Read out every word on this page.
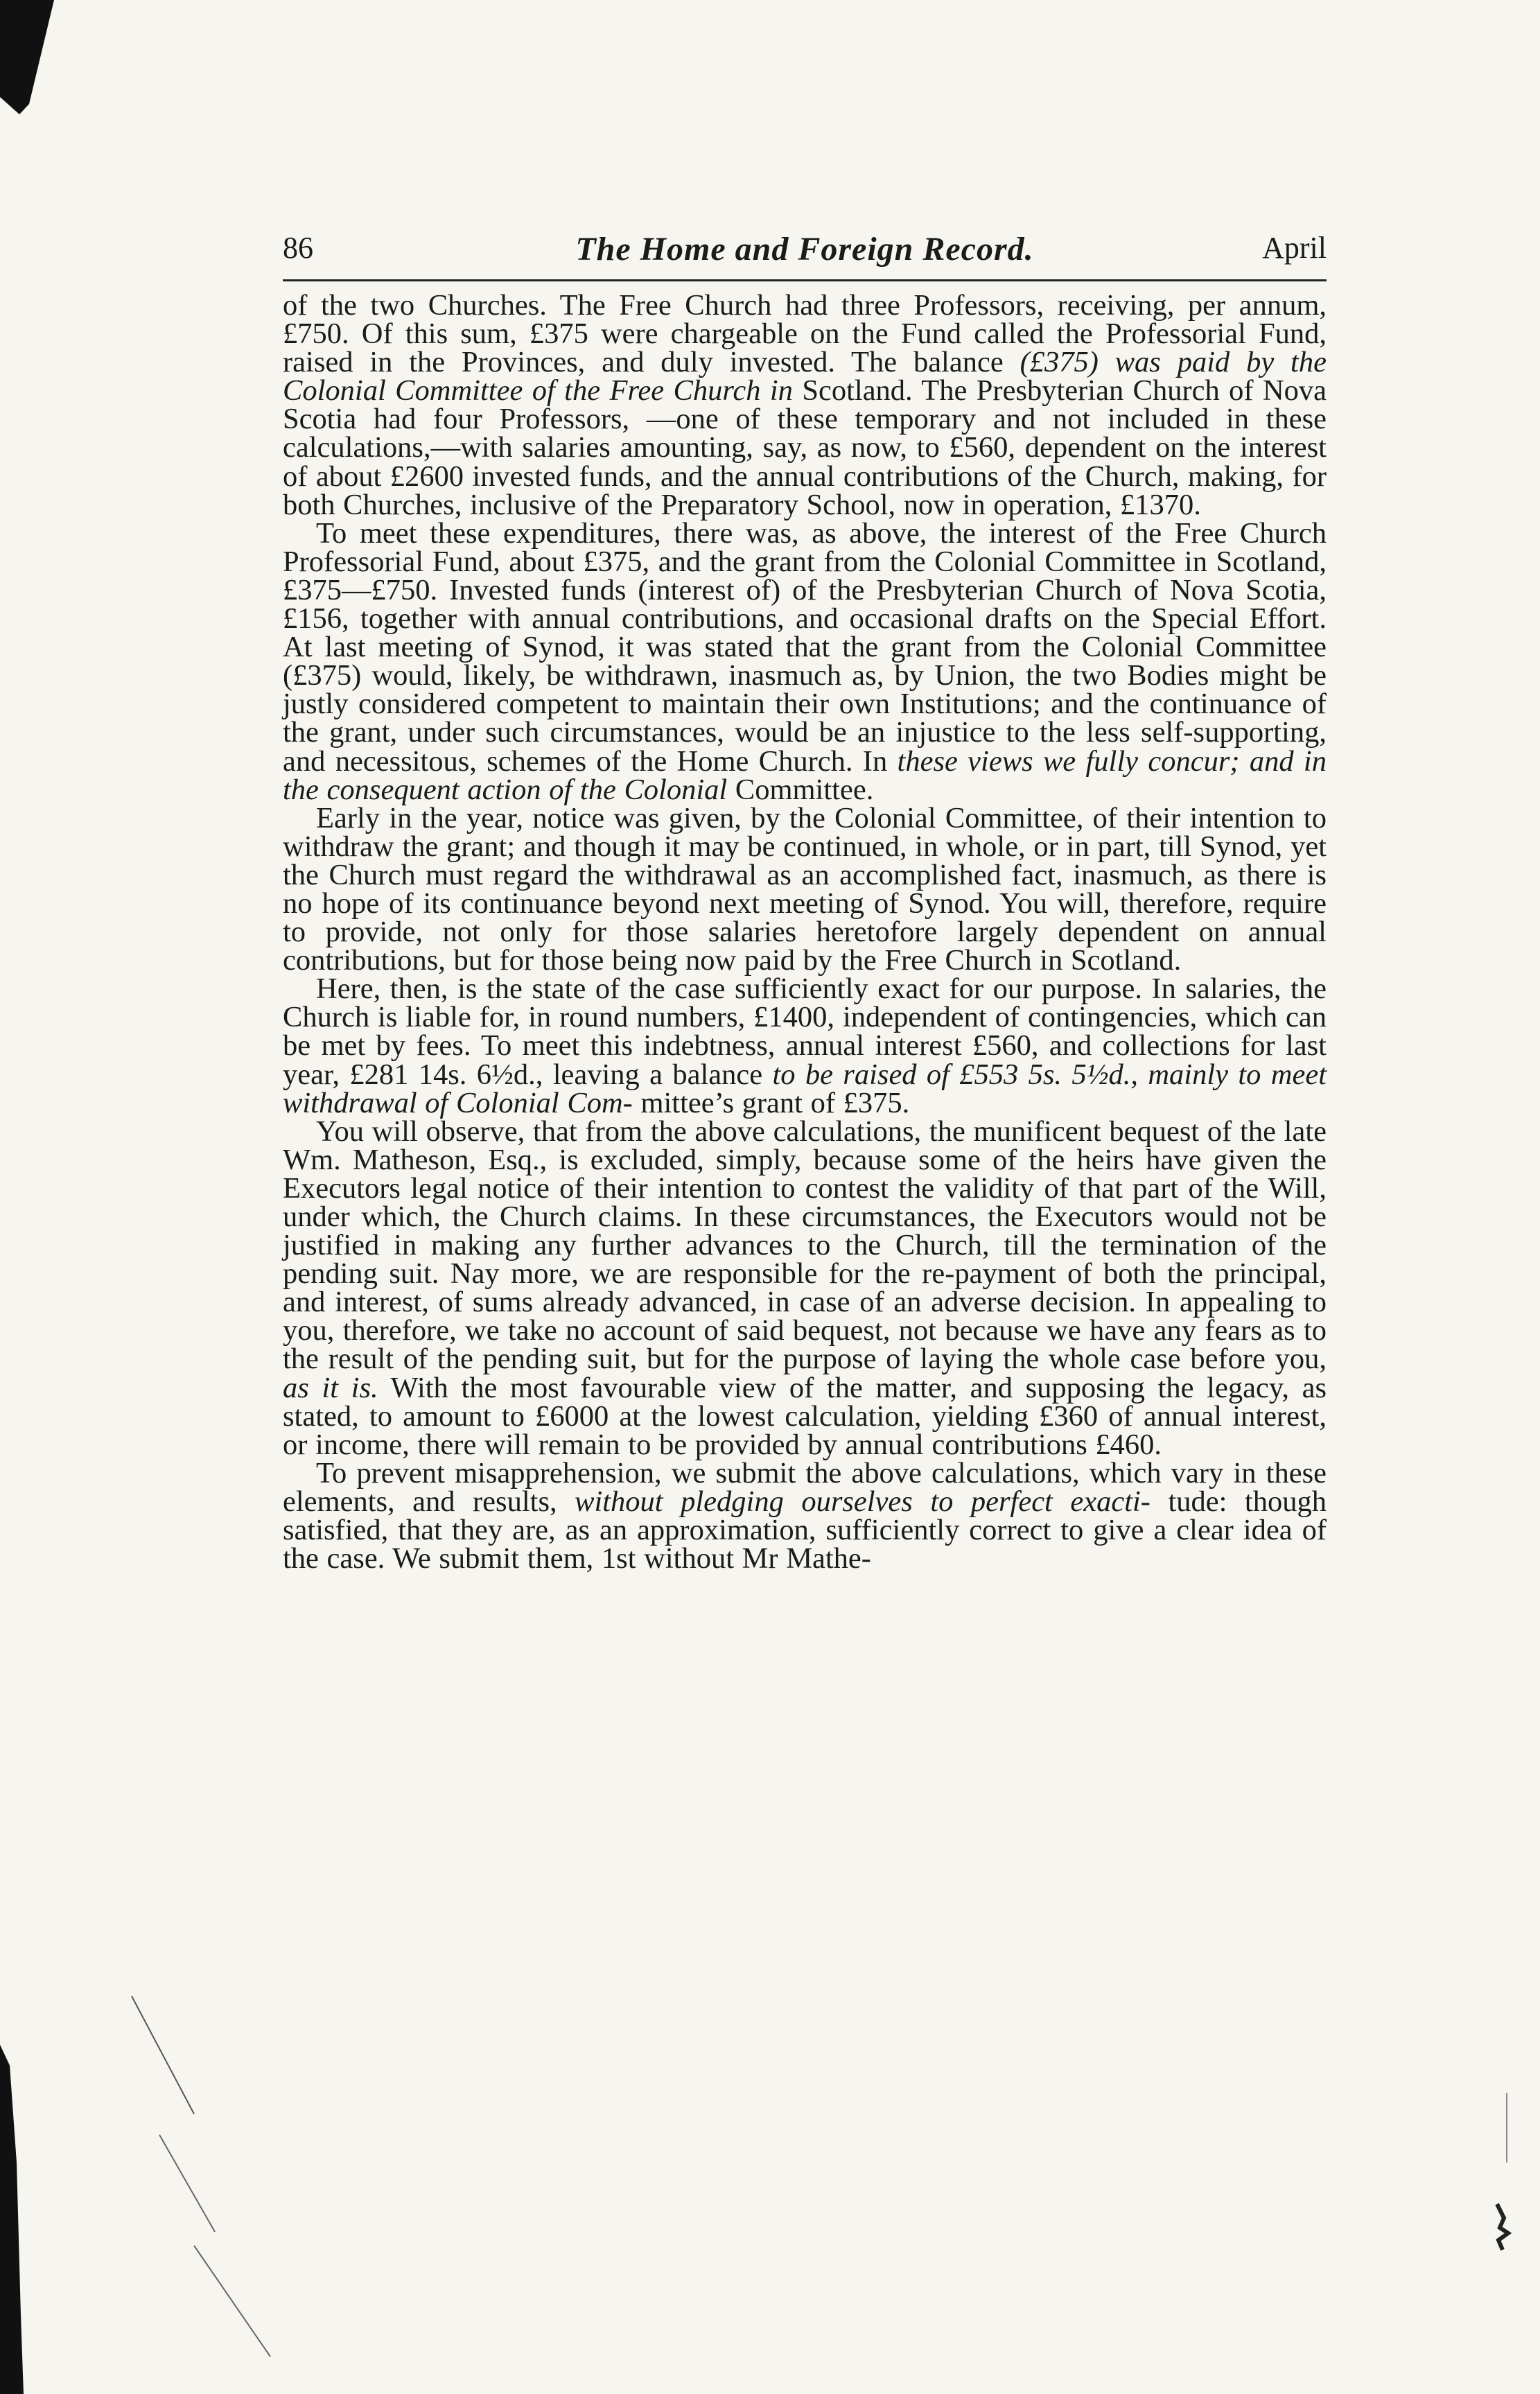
86	The Home and Foreign Record.	April

of the two Churches. The Free Church had three Professors, receiving, per annum, £750. Of this sum, £375 were chargeable on the Fund called the Professorial Fund, raised in the Provinces, and duly invested. The balance (£375) was paid by the Colonial Committee of the Free Church in Scotland. The Presbyterian Church of Nova Scotia had four Professors, —one of these temporary and not included in these calculations,—with salaries amounting, say, as now, to £560, dependent on the interest of about £2600 invested funds, and the annual contributions of the Church, making, for both Churches, inclusive of the Preparatory School, now in operation, £1370.

To meet these expenditures, there was, as above, the interest of the Free Church Professorial Fund, about £375, and the grant from the Colonial Committee in Scotland, £375—£750. Invested funds (interest of) of the Presbyterian Church of Nova Scotia, £156, together with annual contributions, and occasional drafts on the Special Effort. At last meeting of Synod, it was stated that the grant from the Colonial Committee (£375) would, likely, be withdrawn, inasmuch as, by Union, the two Bodies might be justly considered competent to maintain their own Institutions; and the continuance of the grant, under such circumstances, would be an injustice to the less self-supporting, and necessitous, schemes of the Home Church. In these views we fully concur; and in the consequent action of the Colonial Committee.

Early in the year, notice was given, by the Colonial Committee, of their intention to withdraw the grant; and though it may be continued, in whole, or in part, till Synod, yet the Church must regard the withdrawal as an accomplished fact, inasmuch, as there is no hope of its continuance beyond next meeting of Synod. You will, therefore, require to provide, not only for those salaries heretofore largely dependent on annual contributions, but for those being now paid by the Free Church in Scotland.

Here, then, is the state of the case sufficiently exact for our purpose. In salaries, the Church is liable for, in round numbers, £1400, independent of contingencies, which can be met by fees. To meet this indebtness, annual interest £560, and collections for last year, £281 14s. 6½d., leaving a balance to be raised of £553 5s. 5½d., mainly to meet withdrawal of Colonial Com- mittee’s grant of £375.

You will observe, that from the above calculations, the munificent bequest of the late Wm. Matheson, Esq., is excluded, simply, because some of the heirs have given the Executors legal notice of their intention to contest the validity of that part of the Will, under which, the Church claims. In these circumstances, the Executors would not be justified in making any further advances to the Church, till the termination of the pending suit. Nay more, we are responsible for the re-payment of both the principal, and interest, of sums already advanced, in case of an adverse decision. In appealing to you, therefore, we take no account of said bequest, not because we have any fears as to the result of the pending suit, but for the purpose of laying the whole case before you, as it is. With the most favourable view of the matter, and supposing the legacy, as stated, to amount to £6000 at the lowest calculation, yielding £360 of annual interest, or income, there will remain to be provided by annual contributions £460.

To prevent misapprehension, we submit the above calculations, which vary in these elements, and results, without pledging ourselves to perfect exacti- tude: though satisfied, that they are, as an approximation, sufficiently correct to give a clear idea of the case. We submit them, 1st without Mr Mathe-
